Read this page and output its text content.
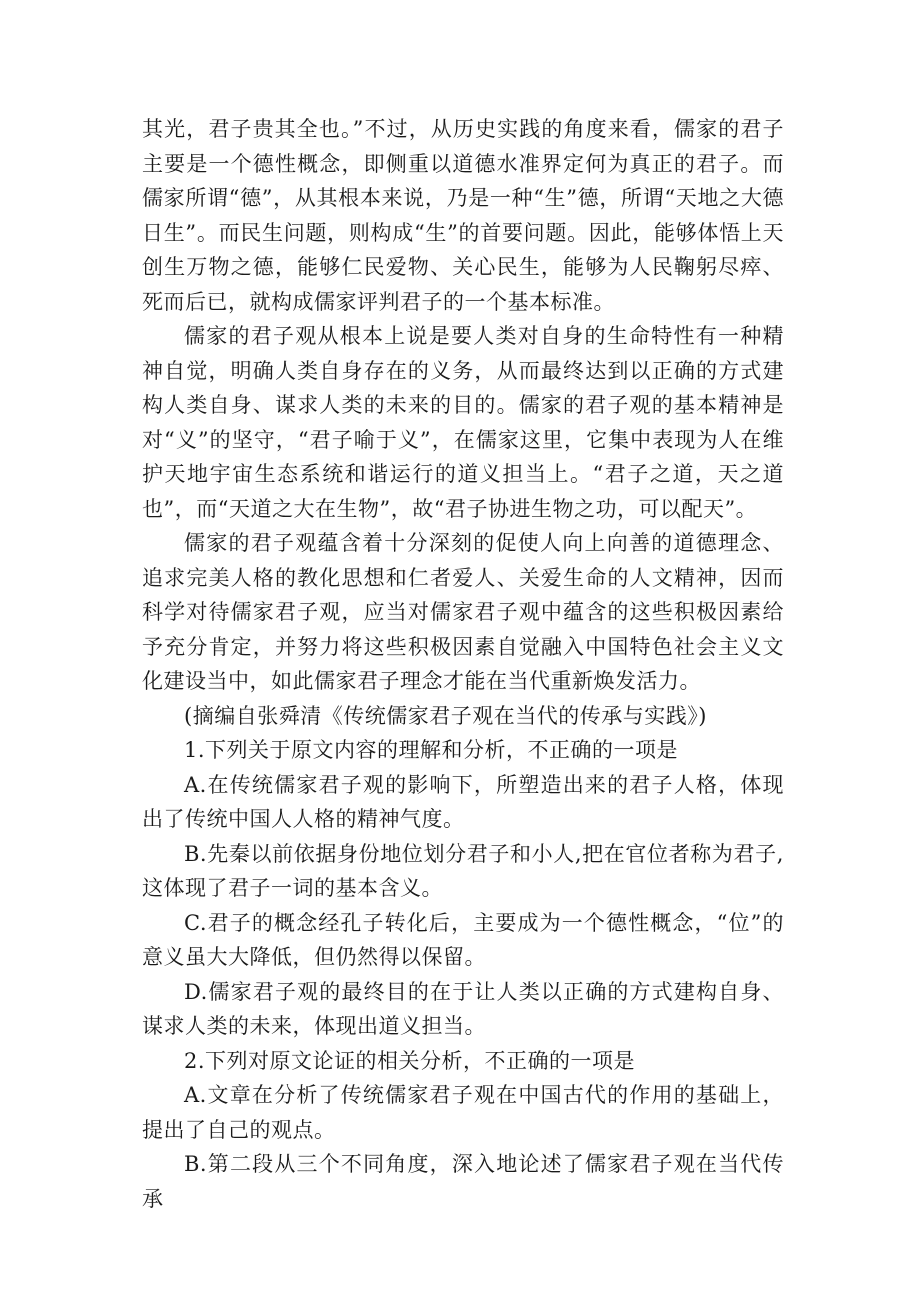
其光，君子贵其全也。”不过，从历史实践的角度来看，儒家的君子主要是一个德性概念，即侧重以道德水准界定何为真正的君子。而儒家所谓“德”，从其根本来说，乃是一种“生”德，所谓“天地之大德日生”。而民生问题，则构成“生”的首要问题。因此，能够体悟上天创生万物之德，能够仁民爱物、关心民生，能够为人民鞠躬尽瘁、死而后已，就构成儒家评判君子的一个基本标准。

儒家的君子观从根本上说是要人类对自身的生命特性有一种精神自觉，明确人类自身存在的义务，从而最终达到以正确的方式建构人类自身、谋求人类的未来的目的。儒家的君子观的基本精神是对“义”的坚守，“君子喻于义”，在儒家这里，它集中表现为人在维护天地宇宙生态系统和谐运行的道义担当上。“君子之道，天之道也”，而“天道之大在生物”，故“君子协进生物之功，可以配天”。

儒家的君子观蕴含着十分深刻的促使人向上向善的道德理念、追求完美人格的教化思想和仁者爱人、关爱生命的人文精神，因而科学对待儒家君子观，应当对儒家君子观中蕴含的这些积极因素给予充分肯定，并努力将这些积极因素自觉融入中国特色社会主义文化建设当中，如此儒家君子理念才能在当代重新焕发活力。

(摘编自张舜清《传统儒家君子观在当代的传承与实践》)

1.下列关于原文内容的理解和分析，不正确的一项是

A.在传统儒家君子观的影响下，所塑造出来的君子人格，体现出了传统中国人人格的精神气度。

B.先秦以前依据身份地位划分君子和小人,把在官位者称为君子,这体现了君子一词的基本含义。

C.君子的概念经孔子转化后，主要成为一个德性概念，“位”的意义虽大大降低，但仍然得以保留。

D.儒家君子观的最终目的在于让人类以正确的方式建构自身、谋求人类的未来，体现出道义担当。

2.下列对原文论证的相关分析，不正确的一项是

A.文章在分析了传统儒家君子观在中国古代的作用的基础上，提出了自己的观点。

B.第二段从三个不同角度，深入地论述了儒家君子观在当代传承
